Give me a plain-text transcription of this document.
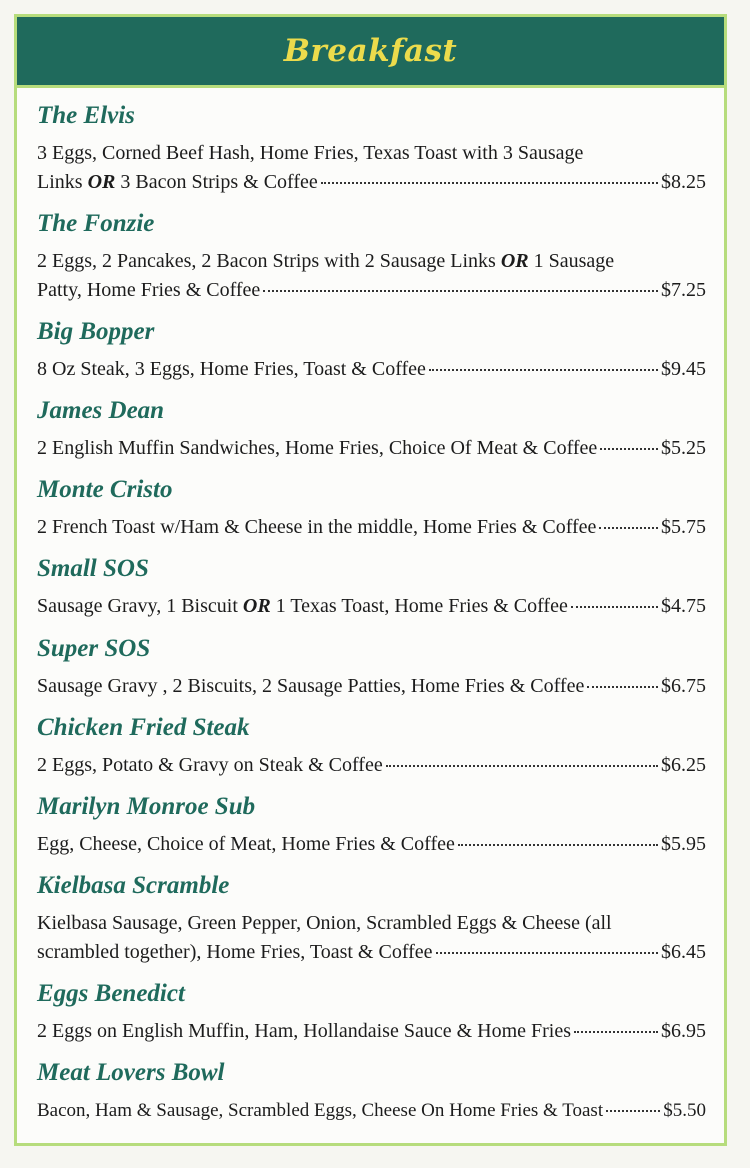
Breakfast
The Elvis
3 Eggs, Corned Beef Hash, Home Fries, Texas Toast with 3 Sausage
Links OR 3 Bacon Strips & Coffee	$8.25
The Fonzie
2 Eggs, 2 Pancakes, 2 Bacon Strips with 2 Sausage Links OR 1 Sausage
Patty, Home Fries & Coffee	$7.25
Big Bopper
8 Oz Steak, 3 Eggs, Home Fries, Toast & Coffee	$9.45
James Dean
2 English Muffin Sandwiches, Home Fries, Choice Of Meat & Coffee	$5.25
Monte Cristo
2 French Toast w/Ham & Cheese in the middle, Home Fries & Coffee	$5.75
Small SOS
Sausage Gravy, 1 Biscuit OR 1 Texas Toast, Home Fries & Coffee	$4.75
Super SOS
Sausage Gravy , 2 Biscuits, 2 Sausage Patties, Home Fries & Coffee	$6.75
Chicken Fried Steak
2 Eggs, Potato & Gravy on Steak & Coffee	$6.25
Marilyn Monroe Sub
Egg, Cheese, Choice of Meat, Home Fries & Coffee	$5.95
Kielbasa Scramble
Kielbasa Sausage, Green Pepper, Onion, Scrambled Eggs & Cheese (all
scrambled together), Home Fries, Toast & Coffee	$6.45
Eggs Benedict
2 Eggs on English Muffin, Ham, Hollandaise Sauce & Home Fries	$6.95
Meat Lovers Bowl
Bacon, Ham & Sausage, Scrambled Eggs, Cheese On Home Fries & Toast	$5.50
